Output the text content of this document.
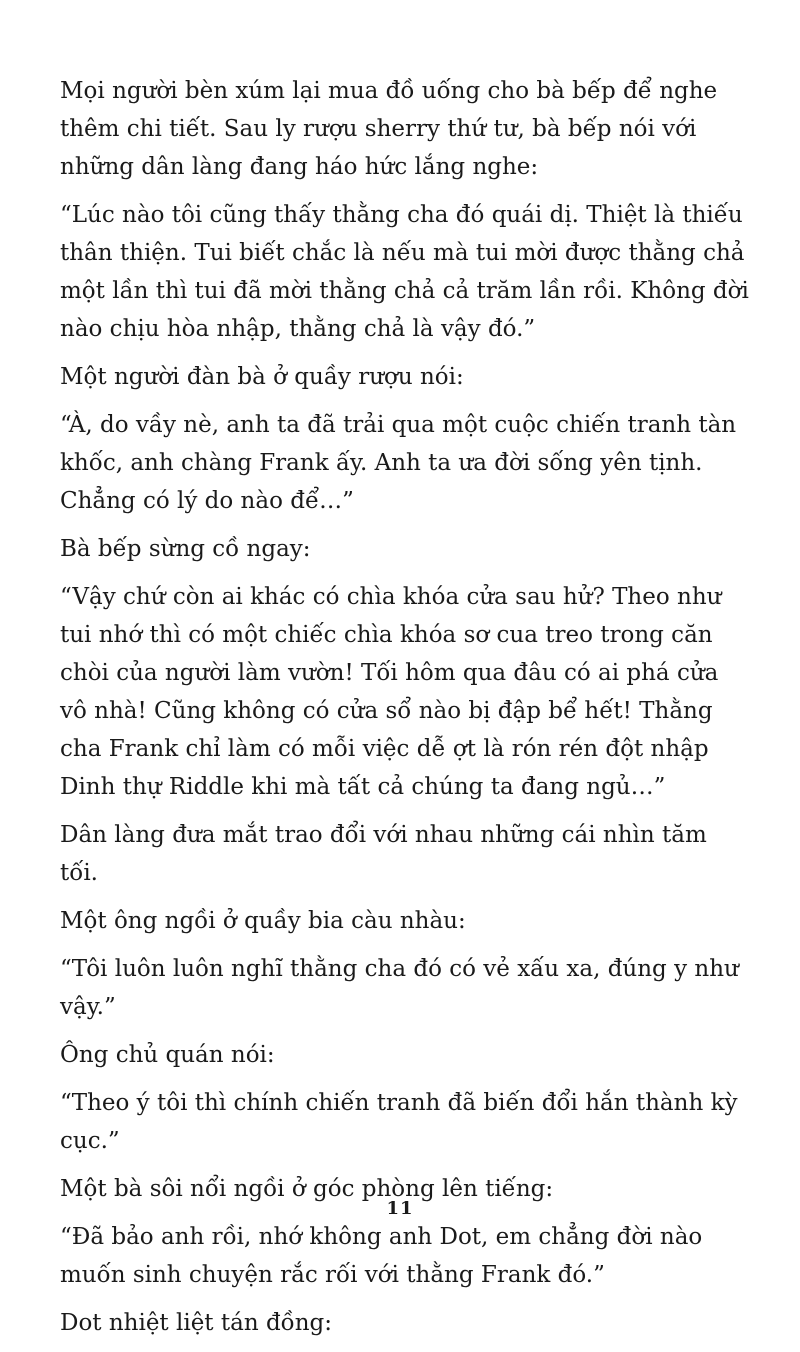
Mọi người bèn xúm lại mua đồ uống cho bà bếp để nghe thêm chi tiết. Sau ly rượu sherry thứ tư, bà bếp nói với những dân làng đang háo hức lắng nghe:

“Lúc nào tôi cũng thấy thằng cha đó quái dị. Thiệt là thiếu thân thiện. Tui biết chắc là nếu mà tui mời được thằng chả một lần thì tui đã mời thằng chả cả trăm lần rồi. Không đời nào chịu hòa nhập, thằng chả là vậy đó.”

Một người đàn bà ở quầy rượu nói:

“À, do vầy nè, anh ta đã trải qua một cuộc chiến tranh tàn khốc, anh chàng Frank ấy. Anh ta ưa đời sống yên tịnh. Chẳng có lý do nào để…”

Bà bếp sừng cồ ngay:

“Vậy chứ còn ai khác có chìa khóa cửa sau hử? Theo như tui nhớ thì có một chiếc chìa khóa sơ cua treo trong căn chòi của người làm vườn! Tối hôm qua đâu có ai phá cửa vô nhà! Cũng không có cửa sổ nào bị đập bể hết! Thằng cha Frank chỉ làm có mỗi việc dễ ợt là rón rén đột nhập Dinh thự Riddle khi mà tất cả chúng ta đang ngủ…”

Dân làng đưa mắt trao đổi với nhau những cái nhìn tăm tối.

Một ông ngồi ở quầy bia càu nhàu:

“Tôi luôn luôn nghĩ thằng cha đó có vẻ xấu xa, đúng y như vậy.”

Ông chủ quán nói:

“Theo ý tôi thì chính chiến tranh đã biến đổi hắn thành kỳ cục.”

Một bà sôi nổi ngồi ở góc phòng lên tiếng:

“Đã bảo anh rồi, nhớ không anh Dot, em chẳng đời nào muốn sinh chuyện rắc rối với thằng Frank đó.”

Dot nhiệt liệt tán đồng:

11
